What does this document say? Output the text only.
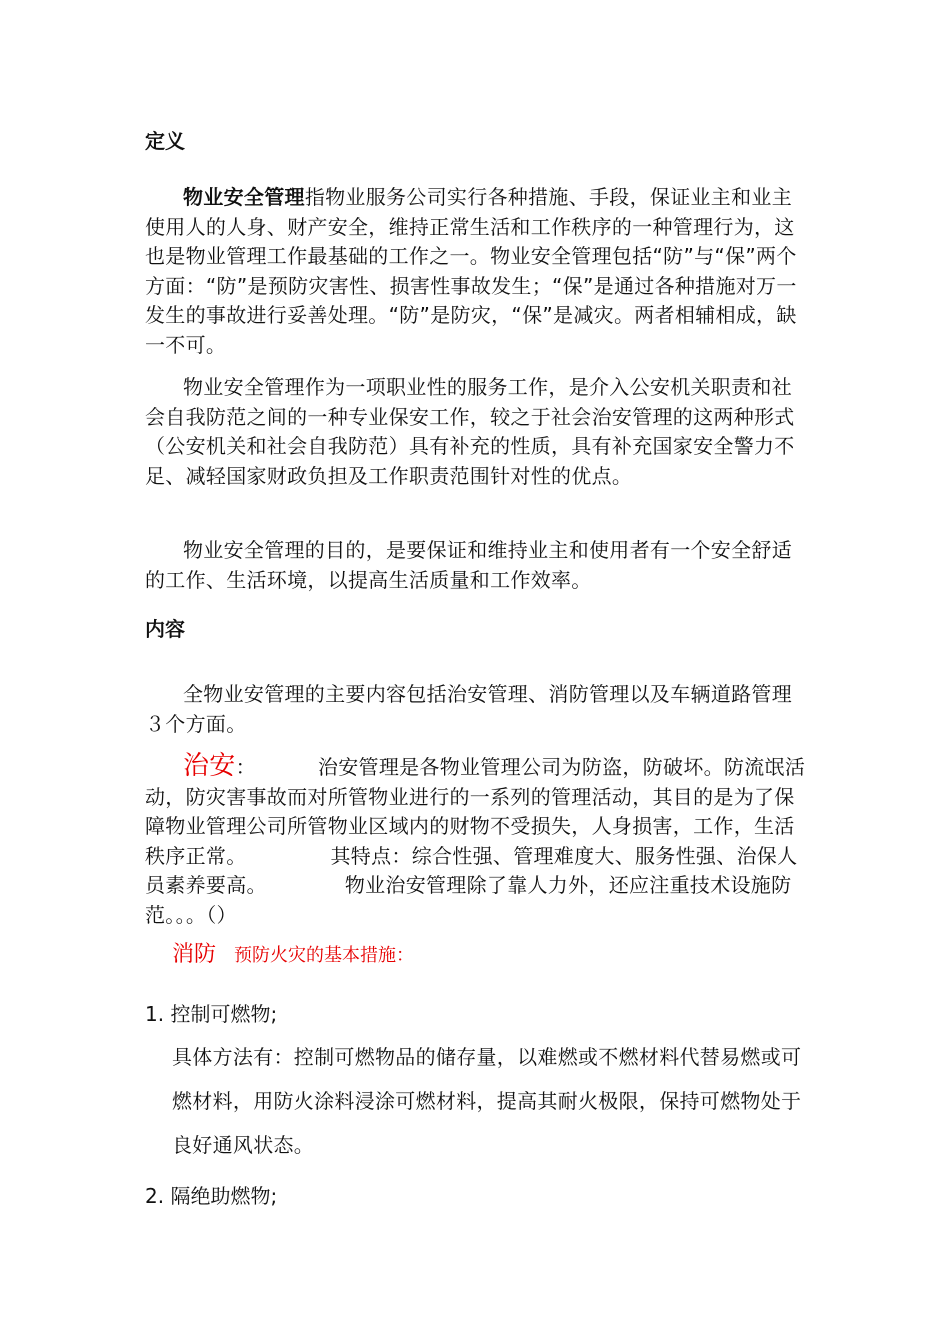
定义

物业安全管理指物业服务公司实行各种措施、手段，保证业主和业主使用人的人身、财产安全，维持正常生活和工作秩序的一种管理行为，这也是物业管理工作最基础的工作之一。物业安全管理包括“防”与“保”两个方面：“防”是预防灾害性、损害性事故发生；“保”是通过各种措施对万一发生的事故进行妥善处理。“防”是防灾，“保”是减灾。两者相辅相成，缺一不可。

物业安全管理作为一项职业性的服务工作，是介入公安机关职责和社会自我防范之间的一种专业保安工作，较之于社会治安管理的这两种形式（公安机关和社会自我防范）具有补充的性质，具有补充国家安全警力不足、减轻国家财政负担及工作职责范围针对性的优点。

物业安全管理的目的，是要保证和维持业主和使用者有一个安全舒适的工作、生活环境，以提高生活质量和工作效率。

内容

全物业安管理的主要内容包括治安管理、消防管理以及车辆道路管理３个方面。

治安：	治安管理是各物业管理公司为防盗，防破坏。防流氓活动，防灾害事故而对所管物业进行的一系列的管理活动，其目的是为了保障物业管理公司所管物业区域内的财物不受损失，人身损害，工作，生活秩序正常。	其特点：综合性强、管理难度大、服务性强、治保人员素养要高。	物业治安管理除了靠人力外，还应注重技术设施防范。。。（）

消防 预防火灾的基本措施：

1. 控制可燃物;

具体方法有：控制可燃物品的储存量，以难燃或不燃材料代替易燃或可燃材料，用防火涂料浸涂可燃材料，提高其耐火极限，保持可燃物处于良好通风状态。

2. 隔绝助燃物;
